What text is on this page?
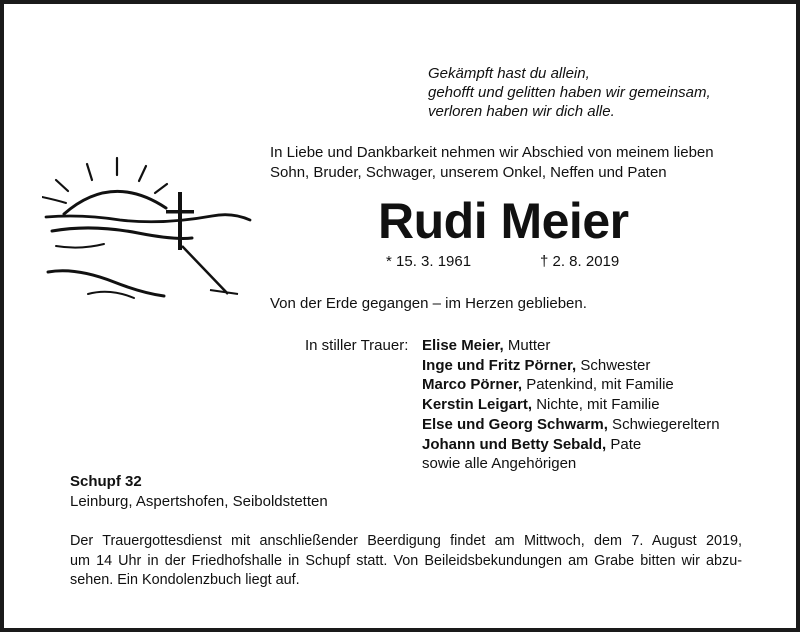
Gekämpft hast du allein,
gehofft und gelitten haben wir gemeinsam,
verloren haben wir dich alle.
In Liebe und Dankbarkeit nehmen wir Abschied von meinem lieben
Sohn, Bruder, Schwager, unserem Onkel, Neffen und Paten
Rudi Meier
* 15. 3. 1961	† 2. 8. 2019
Von der Erde gegangen – im Herzen geblieben.
In stiller Trauer: Elise Meier, Mutter
Inge und Fritz Pörner, Schwester
Marco Pörner, Patenkind, mit Familie
Kerstin Leigart, Nichte, mit Familie
Else und Georg Schwarm, Schwiegereltern
Johann und Betty Sebald, Pate
sowie alle Angehörigen
Schupf 32
Leinburg, Aspertshofen, Seiboldstetten
Der Trauergottesdienst mit anschließender Beerdigung findet am Mittwoch, dem 7. August 2019,
um 14 Uhr in der Friedhofshalle in Schupf statt. Von Beileidsbekundungen am Grabe bitten wir abzu-
sehen. Ein Kondolenzbuch liegt auf.
